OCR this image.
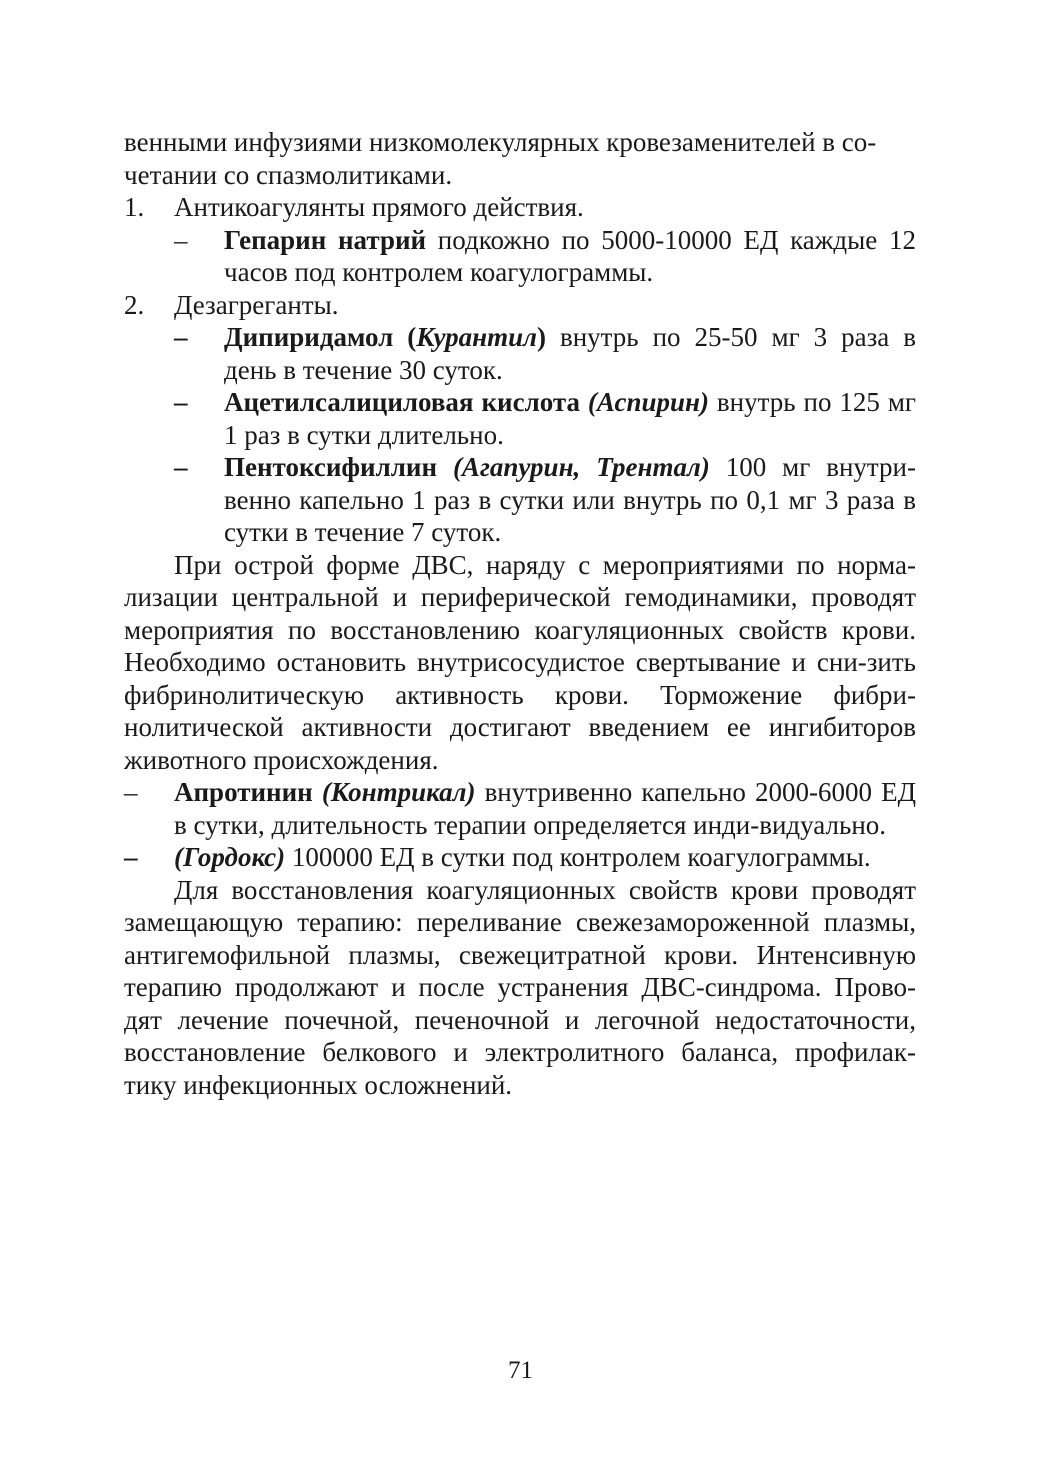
венными инфузиями низкомолекулярных кровезаменителей в со-

четании со спазмолитиками.

1.	Антикоагулянты прямого действия.
–	Гепарин натрий подкожно по 5000-10000 ЕД каждые 12 часов под контролем коагулограммы.
2.	Дезагреганты.
–	Дипиридамол (Курантил) внутрь по 25-50 мг 3 раза в день в течение 30 суток.
–	Ацетилсалициловая кислота (Аспирин) внутрь по 125 мг 1 раз в сутки длительно.
–	Пентоксифиллин (Агапурин, Трентал) 100 мг внутри-венно капельно 1 раз в сутки или внутрь по 0,1 мг 3 раза в сутки в течение 7 суток.

При острой форме ДВС, наряду с мероприятиями по норма-лизации центральной и периферической гемодинамики, проводят мероприятия по восстановлению коагуляционных свойств крови. Необходимо остановить внутрисосудистое свертывание и сни-зить фибринолитическую активность крови. Торможение фибри-нолитической активности достигают введением ее ингибиторов животного происхождения.

–	Апротинин (Контрикал) внутривенно капельно 2000-6000 ЕД в сутки, длительность терапии определяется инди-видуально.
–	(Гордокс) 100000 ЕД в сутки под контролем коагулограммы.

Для восстановления коагуляционных свойств крови проводят замещающую терапию: переливание свежезамороженной плазмы, антигемофильной плазмы, свежецитратной крови. Интенсивную терапию продолжают и после устранения ДВС-синдрома. Прово-дят лечение почечной, печеночной и легочной недостаточности, восстановление белкового и электролитного баланса, профилак-тику инфекционных осложнений.

71
